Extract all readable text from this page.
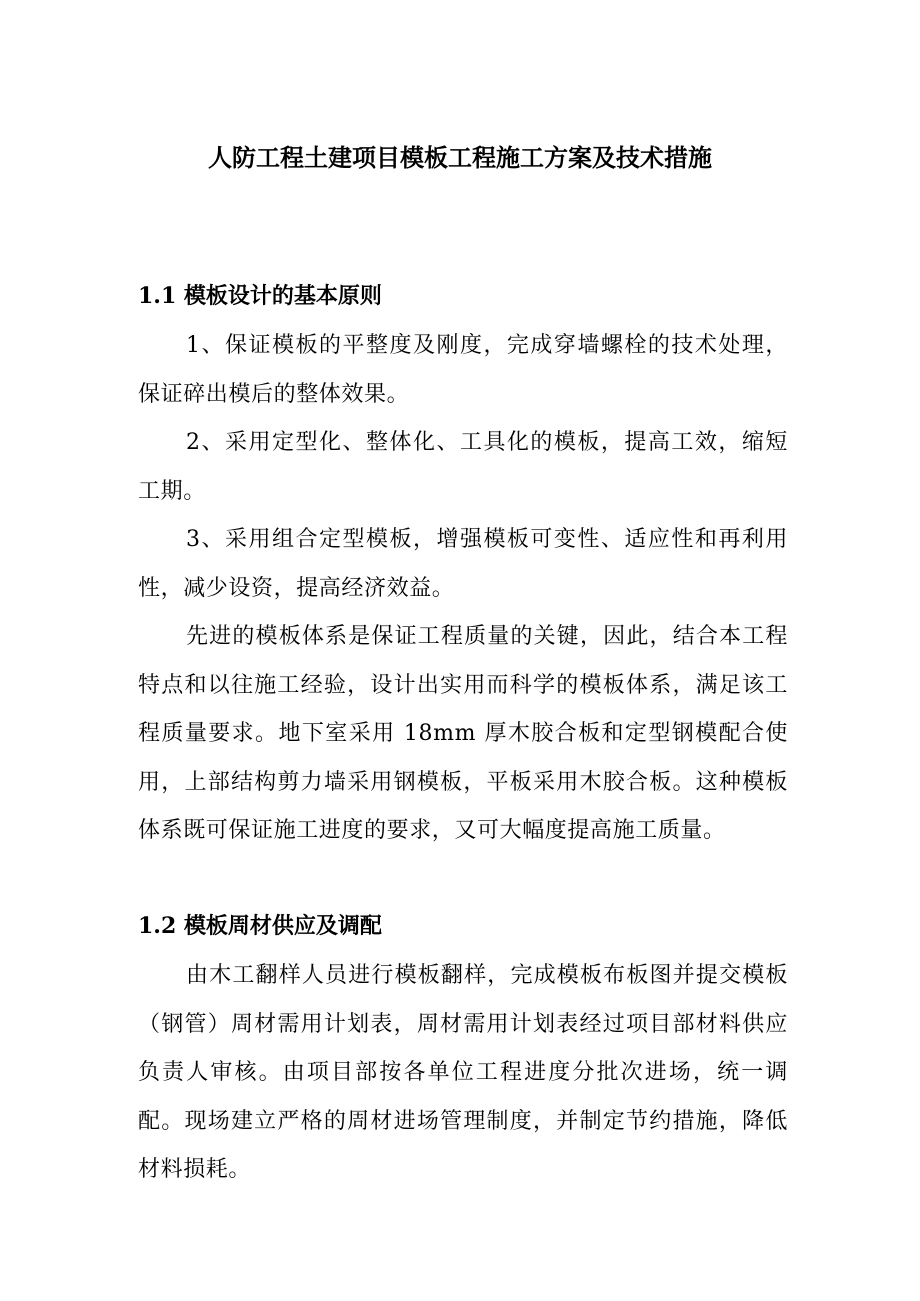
人防工程土建项目模板工程施工方案及技术措施
1.1 模板设计的基本原则

1、保证模板的平整度及刚度，完成穿墙螺栓的技术处理，保证碎出模后的整体效果。

2、采用定型化、整体化、工具化的模板，提高工效，缩短工期。

3、采用组合定型模板，增强模板可变性、适应性和再利用性，减少设资，提高经济效益。

先进的模板体系是保证工程质量的关键，因此，结合本工程特点和以往施工经验，设计出实用而科学的模板体系，满足该工程质量要求。地下室采用 18mm 厚木胶合板和定型钢模配合使用，上部结构剪力墙采用钢模板，平板采用木胶合板。这种模板体系既可保证施工进度的要求，又可大幅度提高施工质量。

1.2 模板周材供应及调配

由木工翻样人员进行模板翻样，完成模板布板图并提交模板（钢管）周材需用计划表，周材需用计划表经过项目部材料供应负责人审核。由项目部按各单位工程进度分批次进场，统一调配。现场建立严格的周材进场管理制度，并制定节约措施，降低材料损耗。
